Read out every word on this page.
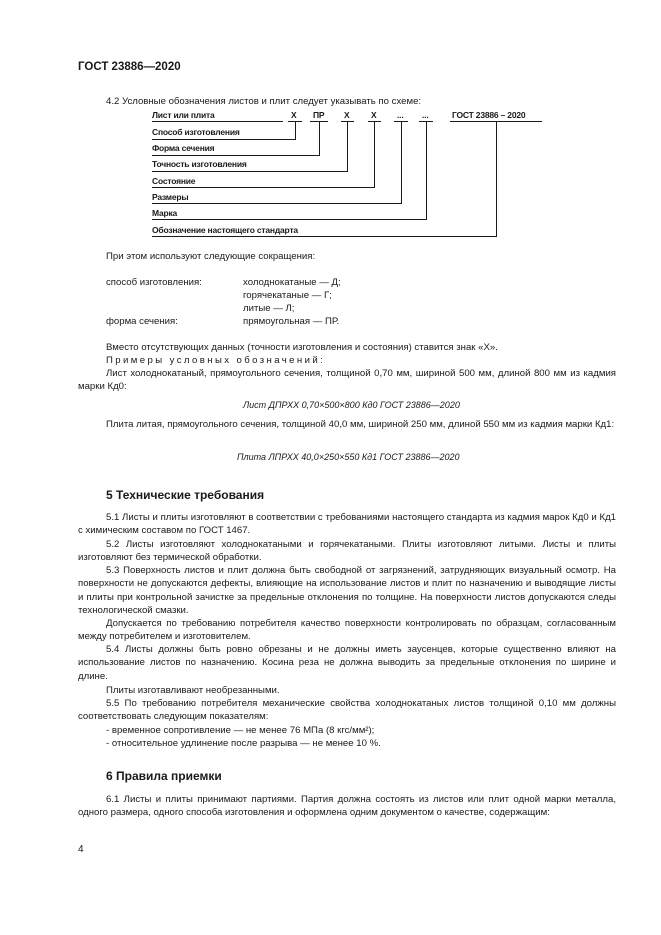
ГОСТ 23886—2020
4.2 Условные обозначения листов и плит следует указывать по схеме:
Лист или плита	Х ПР Х	Х ... ...	ГОСТ 23886 – 2020
Способ изготовления
Форма сечения
Точность изготовления
Состояние
Размеры
Марка
Обозначение настоящего стандарта
При этом используют следующие сокращения:
способ изготовления:	холоднокатаные — Д;
горячекатаные — Г;
литые — Л;
форма сечения:	прямоугольная — ПР.
Вместо отсутствующих данных (точности изготовления и состояния) ставится знак «Х».
Примеры условных обозначений:
Лист холоднокатаный, прямоугольного сечения, толщиной 0,70 мм, шириной 500 мм, длиной 800 мм из кадмия марки Кд0:
Лист ДПРХХ 0,70×500×800 Кд0 ГОСТ 23886—2020
Плита литая, прямоугольного сечения, толщиной 40,0 мм, шириной 250 мм, длиной 550 мм из кадмия марки Кд1:
Плита ЛПРХХ 40,0×250×550 Кд1 ГОСТ 23886—2020
5 Технические требования
5.1 Листы и плиты изготовляют в соответствии с требованиями настоящего стандарта из кадмия марок Кд0 и Кд1 с химическим составом по ГОСТ 1467.
5.2 Листы изготовляют холоднокатаными и горячекатаными. Плиты изготовляют литыми. Листы и плиты изготовляют без термической обработки.
5.3 Поверхность листов и плит должна быть свободной от загрязнений, затрудняющих визуальный осмотр. На поверхности не допускаются дефекты, влияющие на использование листов и плит по назначению и выводящие листы и плиты при контрольной зачистке за предельные отклонения по толщине. На поверхности листов допускаются следы технологической смазки.
Допускается по требованию потребителя качество поверхности контролировать по образцам, согласованным между потребителем и изготовителем.
5.4 Листы должны быть ровно обрезаны и не должны иметь заусенцев, которые существенно влияют на использование листов по назначению. Косина реза не должна выводить за предельные отклонения по ширине и длине.
Плиты изготавливают необрезанными.
5.5 По требованию потребителя механические свойства холоднокатаных листов толщиной 0,10 мм должны соответствовать следующим показателям:
- временное сопротивление — не менее 76 МПа (8 кгс/мм²);
- относительное удлинение после разрыва — не менее 10 %.
6 Правила приемки
6.1 Листы и плиты принимают партиями. Партия должна состоять из листов или плит одной марки металла, одного размера, одного способа изготовления и оформлена одним документом о качестве, содержащим:
4
